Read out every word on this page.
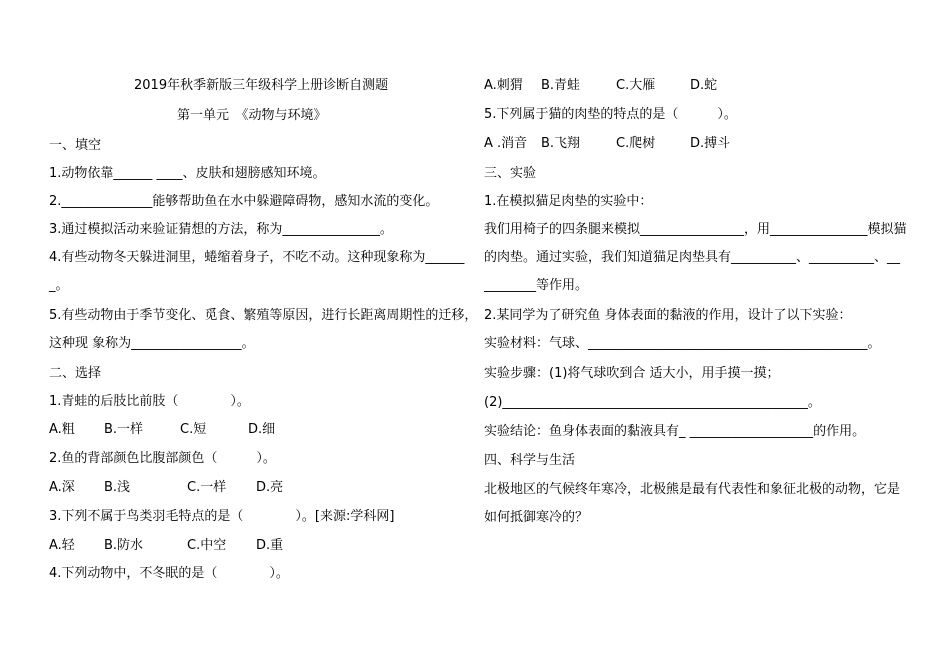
2019年秋季新版三年级科学上册诊断自测题
第一单元　《动物与环境》
一、填空
1.动物依靠______ ____、皮肤和翅膀感知环境。
2.______________能够帮助鱼在水中躲避障碍物，感知水流的变化。
3.通过模拟活动来验证猜想的方法，称为_______________。
4.有些动物冬天躲进洞里，蜷缩着身子，不吃不动。这种现象称为______
_。
5.有些动物由于季节变化、觅食、繁殖等原因，进行长距离周期性的迁移，
这种现 象称为_________________。
二、选择
1.青蛙的后肢比前肢（　　　　）。
A.粗 B.一样	C.短	D.细
2.鱼的背部颜色比腹部颜色（　　　）。
A.深 B.浅	C.一样 D.亮
3.下列不属于鸟类羽毛特点的是（　　　　）。[来源:学科网]
A.轻 B.防水	C.中空 D.重
4.下列动物中，不冬眠的是（　　　　）。
A.刺猬 B.青蛙	C.大雁	D.蛇
5.下列属于猫的肉垫的特点的是（　　　）。
A .消音 B.飞翔	C.爬树	D.搏斗
三、实验
1.在模拟猫足肉垫的实验中：
我们用椅子的四条腿来模拟________________，用_______________模拟猫
的肉垫。通过实验，我们知道猫足肉垫具有__________、__________、__
________等作用。
2.某同学为了研究鱼 身体表面的黏液的作用，设计了以下实验：
实验材料：气球、___________________________________________。
实验步骤：(1)将气球吹到合 适大小，用手摸一摸；
(2)_______________________________________________。
实验结论：鱼身体表面的黏液具有_ ___________________的作用。
四、科学与生活
北极地区的气候终年寒冷，北极熊是最有代表性和象征北极的动物，它是
如何抵御寒冷的？
